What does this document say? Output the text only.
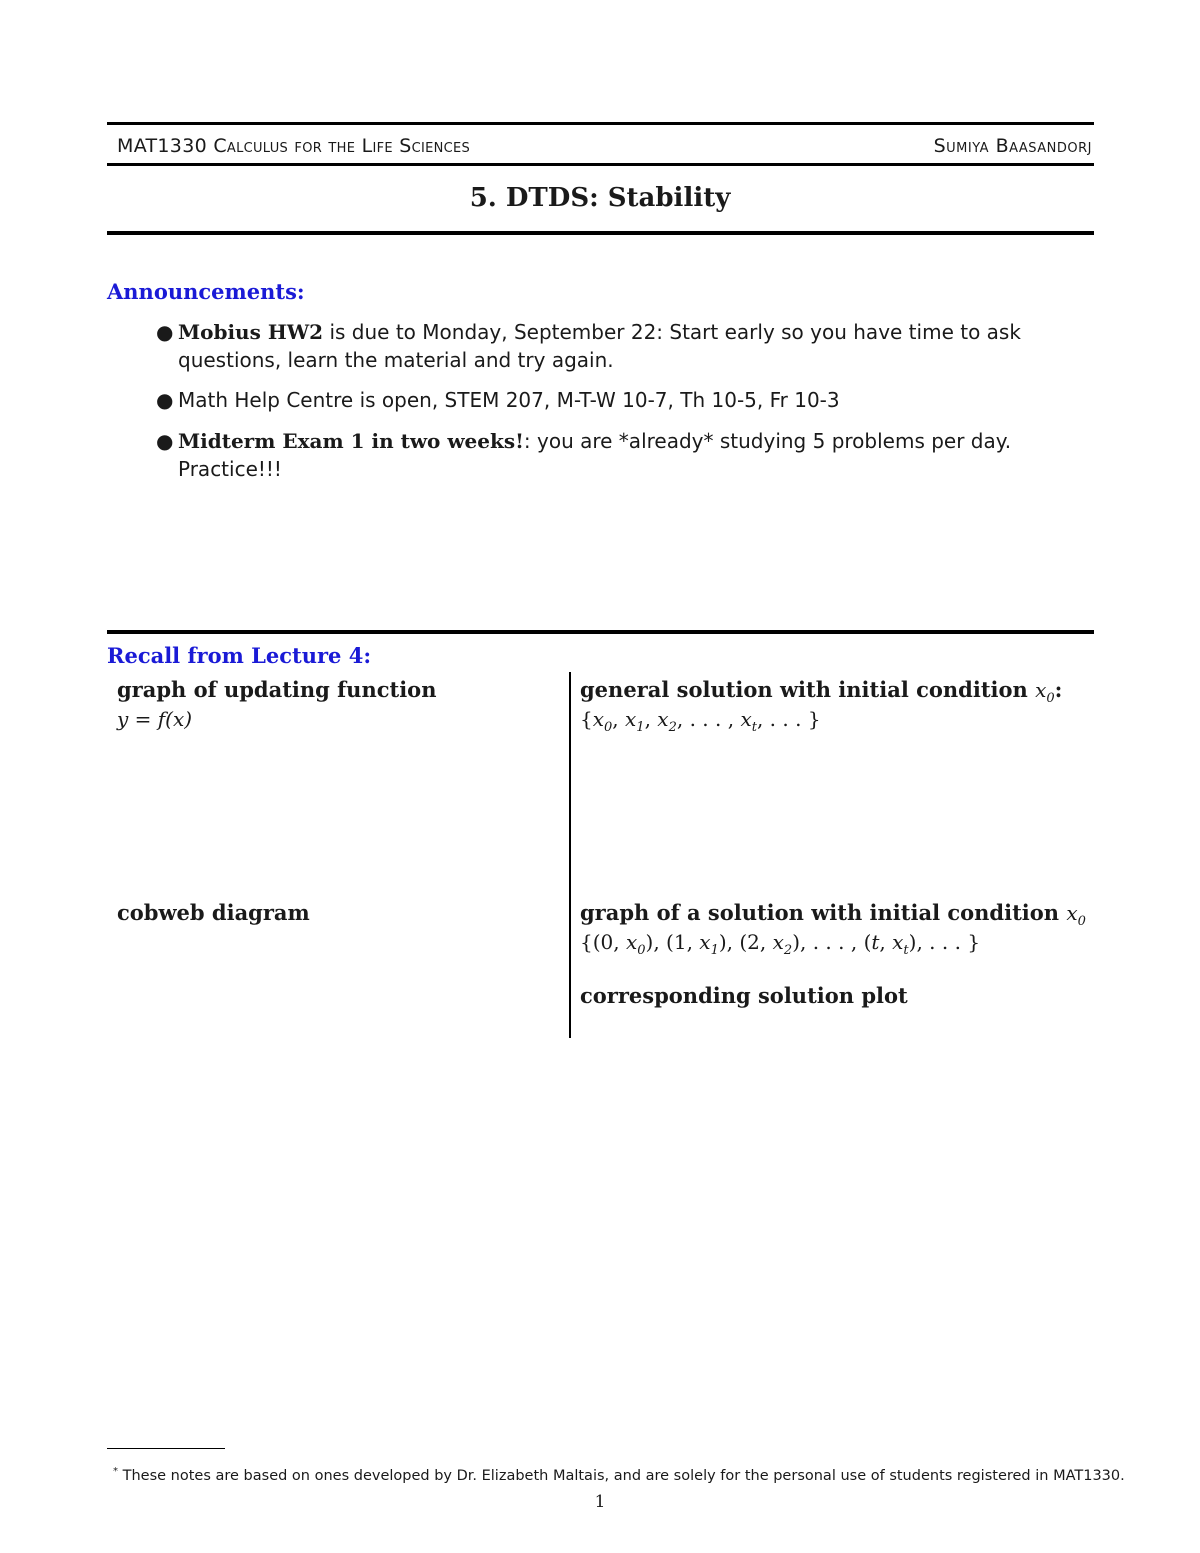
MAT1330 Calculus for the Life Sciences	Sumiya Baasandorj
5. DTDS: Stability
Announcements:
● Mobius HW2 is due to Monday, September 22: Start early so you have time to ask questions, learn the material and try again.
● Math Help Centre is open, STEM 207, M-T-W 10-7, Th 10-5, Fr 10-3
● Midterm Exam 1 in two weeks!: you are *already* studying 5 problems per day. Practice!!!
Recall from Lecture 4:
graph of updating function
y = f(x)
general solution with initial condition $x_0$:
{$x_0$, $x_1$, $x_2$, . . . , $x_t$, . . . }
cobweb diagram	graph of a solution with initial condition $x_0$
{(0, $x_0$), (1, $x_1$), (2, $x_2$), . . . , (t, $x_t$), . . . }
corresponding solution plot
* These notes are based on ones developed by Dr. Elizabeth Maltais, and are solely for the personal use of students registered in MAT1330.
1
